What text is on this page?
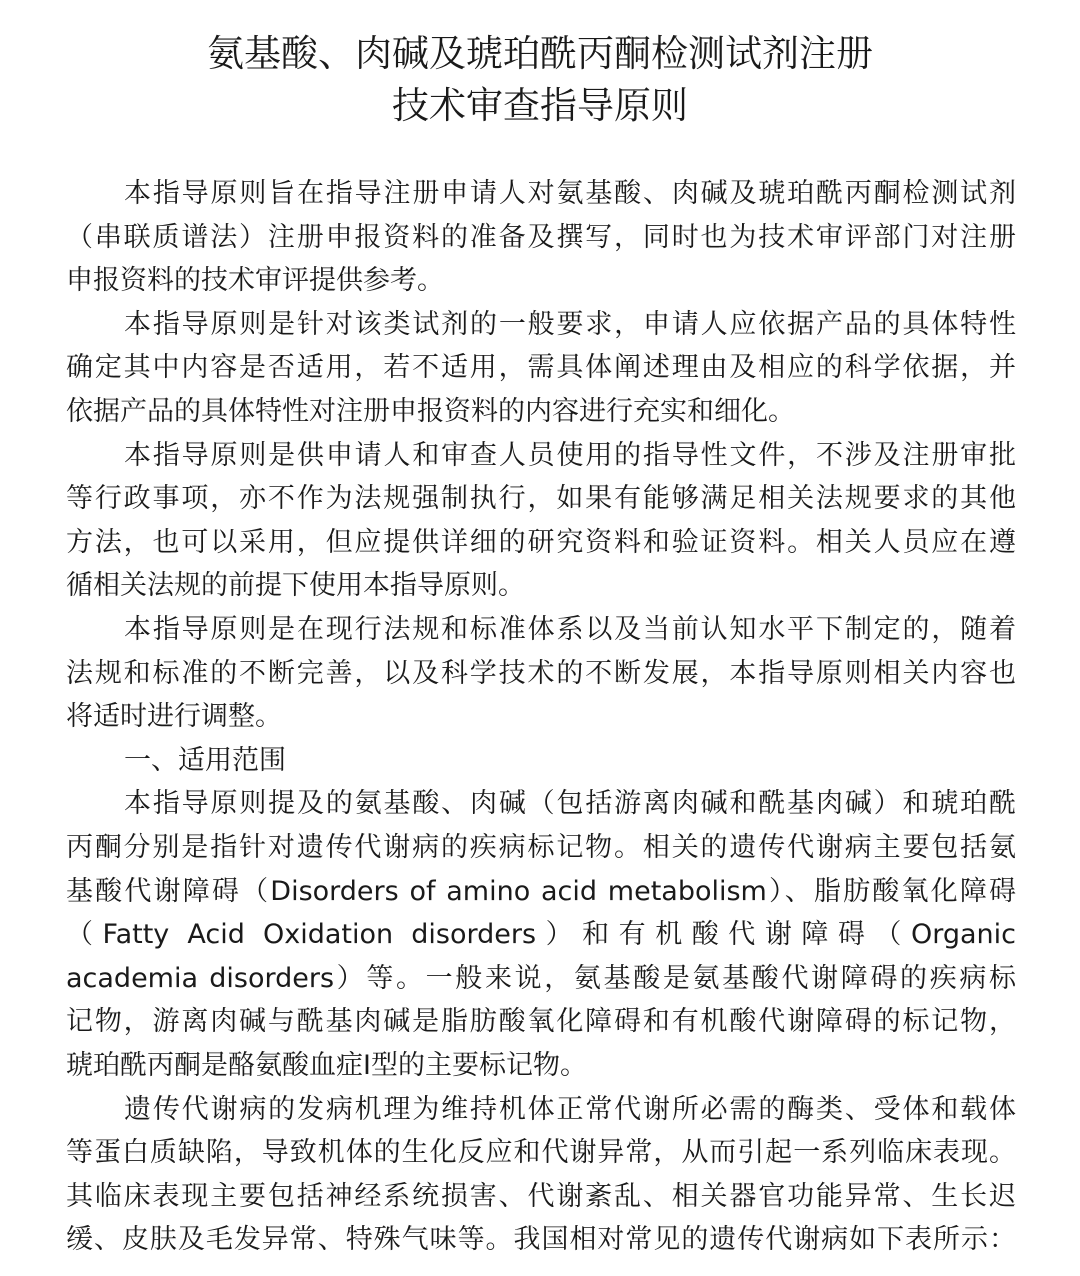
氨基酸、肉碱及琥珀酰丙酮检测试剂注册
技术审查指导原则
本指导原则旨在指导注册申请人对氨基酸、肉碱及琥珀酰丙酮检测试剂
（串联质谱法）注册申报资料的准备及撰写，同时也为技术审评部门对注册
申报资料的技术审评提供参考。
本指导原则是针对该类试剂的一般要求，申请人应依据产品的具体特性
确定其中内容是否适用，若不适用，需具体阐述理由及相应的科学依据，并
依据产品的具体特性对注册申报资料的内容进行充实和细化。
本指导原则是供申请人和审查人员使用的指导性文件，不涉及注册审批
等行政事项，亦不作为法规强制执行，如果有能够满足相关法规要求的其他
方法，也可以采用，但应提供详细的研究资料和验证资料。相关人员应在遵
循相关法规的前提下使用本指导原则。
本指导原则是在现行法规和标准体系以及当前认知水平下制定的，随着
法规和标准的不断完善，以及科学技术的不断发展，本指导原则相关内容也
将适时进行调整。
一、适用范围
本指导原则提及的氨基酸、肉碱（包括游离肉碱和酰基肉碱）和琥珀酰
丙酮分别是指针对遗传代谢病的疾病标记物。相关的遗传代谢病主要包括氨
基酸代谢障碍（Disorders of amino acid metabolism）、脂肪酸氧化障碍
（Fatty Acid Oxidation disorders）和有机酸代谢障碍（Organic
academia disorders）等。一般来说，氨基酸是氨基酸代谢障碍的疾病标
记物，游离肉碱与酰基肉碱是脂肪酸氧化障碍和有机酸代谢障碍的标记物，
琥珀酰丙酮是酪氨酸血症Ⅰ型的主要标记物。
遗传代谢病的发病机理为维持机体正常代谢所必需的酶类、受体和载体
等蛋白质缺陷，导致机体的生化反应和代谢异常，从而引起一系列临床表现。
其临床表现主要包括神经系统损害、代谢紊乱、相关器官功能异常、生长迟
缓、皮肤及毛发异常、特殊气味等。我国相对常见的遗传代谢病如下表所示：
